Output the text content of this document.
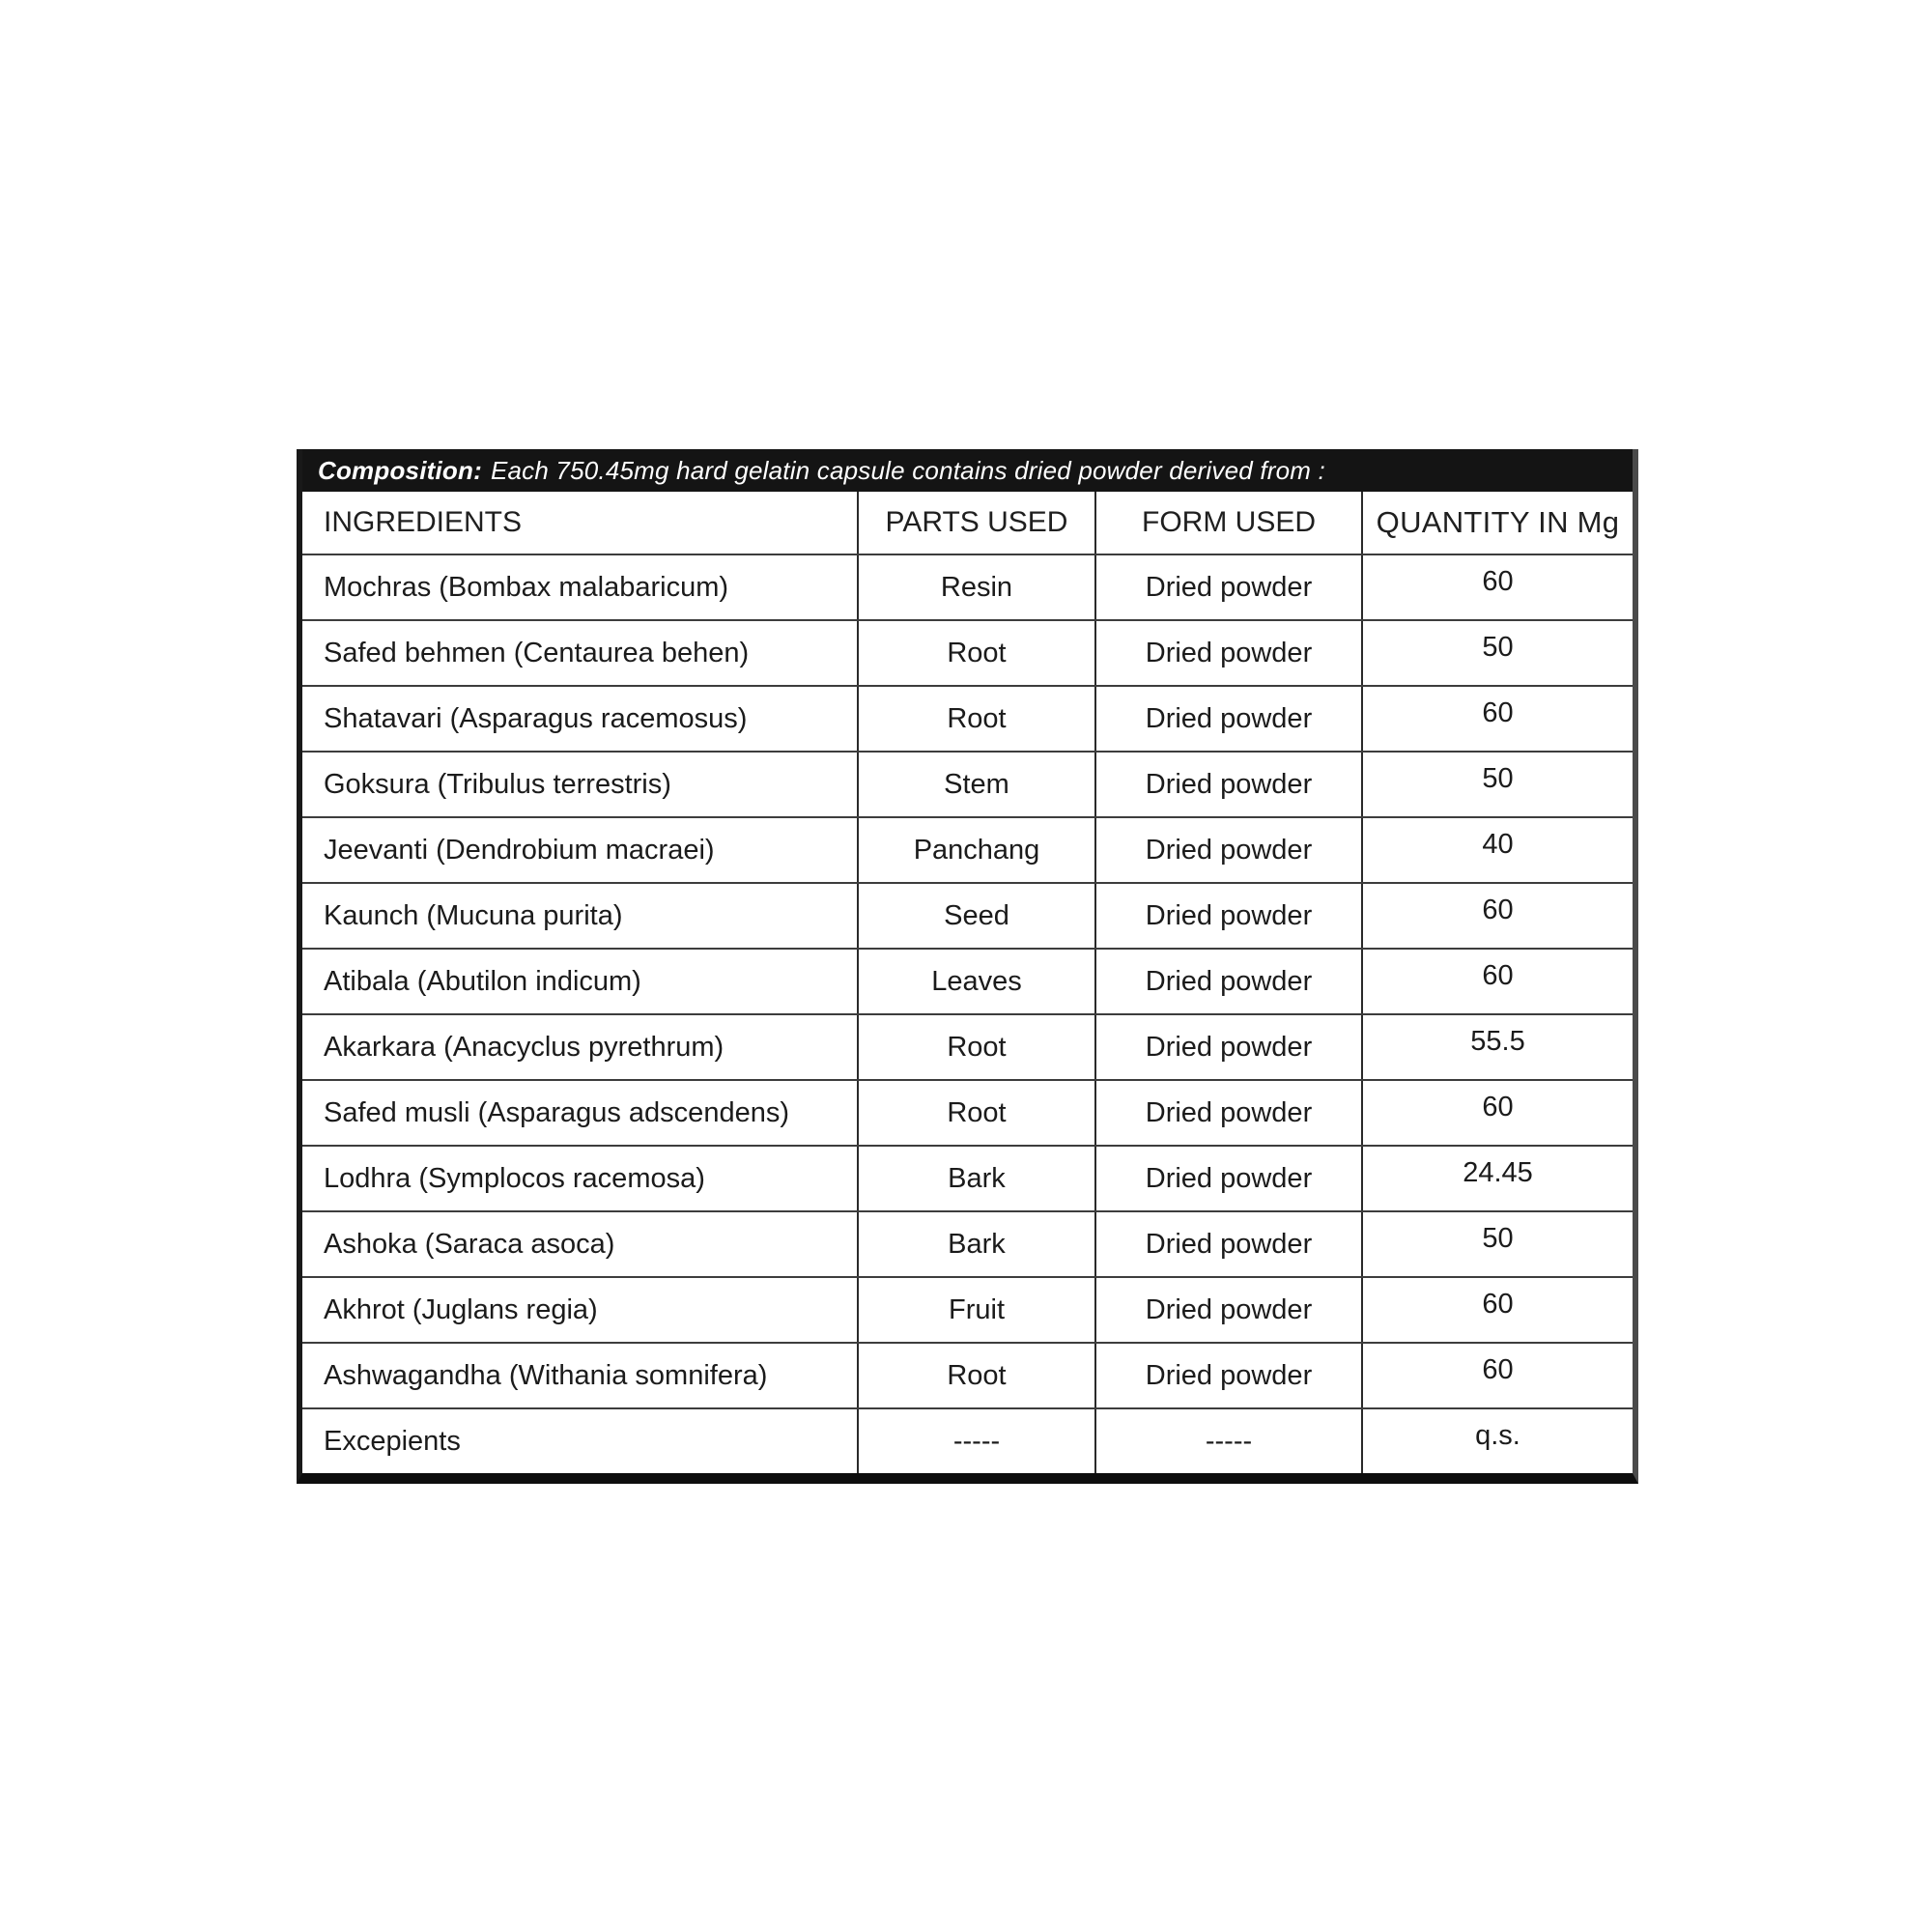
Composition: Each 750.45mg hard gelatin capsule contains dried powder derived from :
INGREDIENTS	PARTS USED	FORM USED	QUANTITY IN Mg
Mochras (Bombax malabaricum)	Resin	Dried powder	60
Safed behmen (Centaurea behen)	Root	Dried powder	50
Shatavari (Asparagus racemosus)	Root	Dried powder	60
Goksura (Tribulus terrestris)	Stem	Dried powder	50
Jeevanti (Dendrobium macraei)	Panchang	Dried powder	40
Kaunch (Mucuna purita)	Seed	Dried powder	60
Atibala (Abutilon indicum)	Leaves	Dried powder	60
Akarkara (Anacyclus pyrethrum)	Root	Dried powder	55.5
Safed musli (Asparagus adscendens)	Root	Dried powder	60
Lodhra (Symplocos racemosa)	Bark	Dried powder	24.45
Ashoka (Saraca asoca)	Bark	Dried powder	50
Akhrot (Juglans regia)	Fruit	Dried powder	60
Ashwagandha (Withania somnifera)	Root	Dried powder	60
Excepients	-----	-----	q.s.
